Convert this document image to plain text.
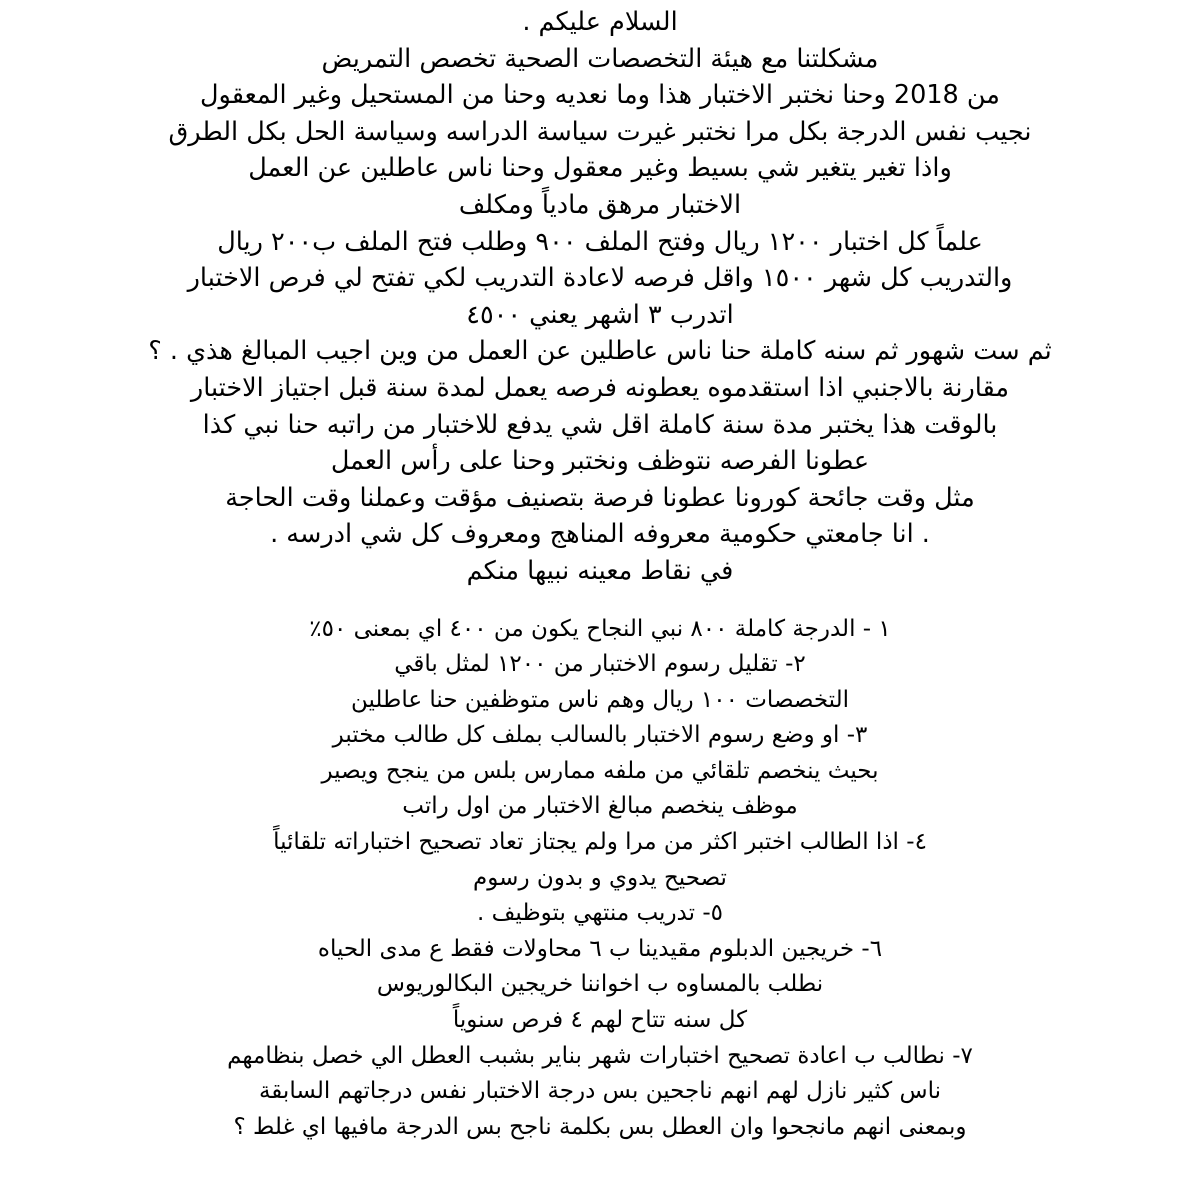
السلام عليكم .
مشكلتنا مع هيئة التخصصات الصحية تخصص التمريض
من 2018 وحنا نختبر الاختبار هذا وما نعديه وحنا من المستحيل وغير المعقول
نجيب نفس الدرجة بكل مرا نختبر غيرت سياسة الدراسه وسياسة الحل بكل الطرق
واذا تغير يتغير شي بسيط وغير معقول وحنا ناس عاطلين عن العمل
الاختبار مرهق مادياً ومكلف
علماً كل اختبار ١٢٠٠ ريال وفتح الملف ٩٠٠ وطلب فتح الملف ب٢٠٠ ريال
والتدريب كل شهر ١٥٠٠ واقل فرصه لاعادة التدريب لكي تفتح لي فرص الاختبار
اتدرب ٣ اشهر يعني ٤٥٠٠
ثم ست شهور ثم سنه كاملة حنا ناس عاطلين عن العمل من وين اجيب المبالغ هذي . ؟
مقارنة بالاجنبي اذا استقدموه يعطونه فرصه يعمل لمدة سنة قبل اجتياز الاختبار
بالوقت هذا يختبر مدة سنة كاملة اقل شي يدفع للاختبار من راتبه حنا نبي كذا
عطونا الفرصه نتوظف ونختبر وحنا على رأس العمل
مثل وقت جائحة كورونا عطونا فرصة بتصنيف مؤقت وعملنا وقت الحاجة
. انا جامعتي حكومية معروفه المناهج ومعروف كل شي ادرسه .
في نقاط معينه نبيها منكم
١ - الدرجة كاملة ٨٠٠ نبي النجاح يكون من ٤٠٠ اي بمعنى ٥٠٪
٢- تقليل رسوم الاختبار من ١٢٠٠ لمثل باقي
التخصصات ١٠٠ ريال وهم ناس متوظفين حنا عاطلين
٣- او وضع رسوم الاختبار بالسالب بملف كل طالب مختبر
بحيث ينخصم تلقائي من ملفه ممارس بلس من ينجح ويصير
موظف ينخصم مبالغ الاختبار من اول راتب
٤- اذا الطالب اختبر اكثر من مرا ولم يجتاز تعاد تصحيح اختباراته تلقائياً
تصحيح يدوي و بدون رسوم
٥- تدريب منتهي بتوظيف .
٦- خريجين الدبلوم مقيدينا ب ٦ محاولات فقط ع مدى الحياه
نطلب بالمساوه ب اخواننا خريجين البكالوريوس
كل سنه تتاح لهم ٤ فرص سنوياً
٧- نطالب ب اعادة تصحيح اختبارات شهر بناير بشبب العطل الي خصل بنظامهم
ناس كثير نازل لهم انهم ناجحين بس درجة الاختبار نفس درجاتهم السابقة
وبمعنى انهم مانجحوا وان العطل بس بكلمة ناجح بس الدرجة مافيها اي غلط ؟
